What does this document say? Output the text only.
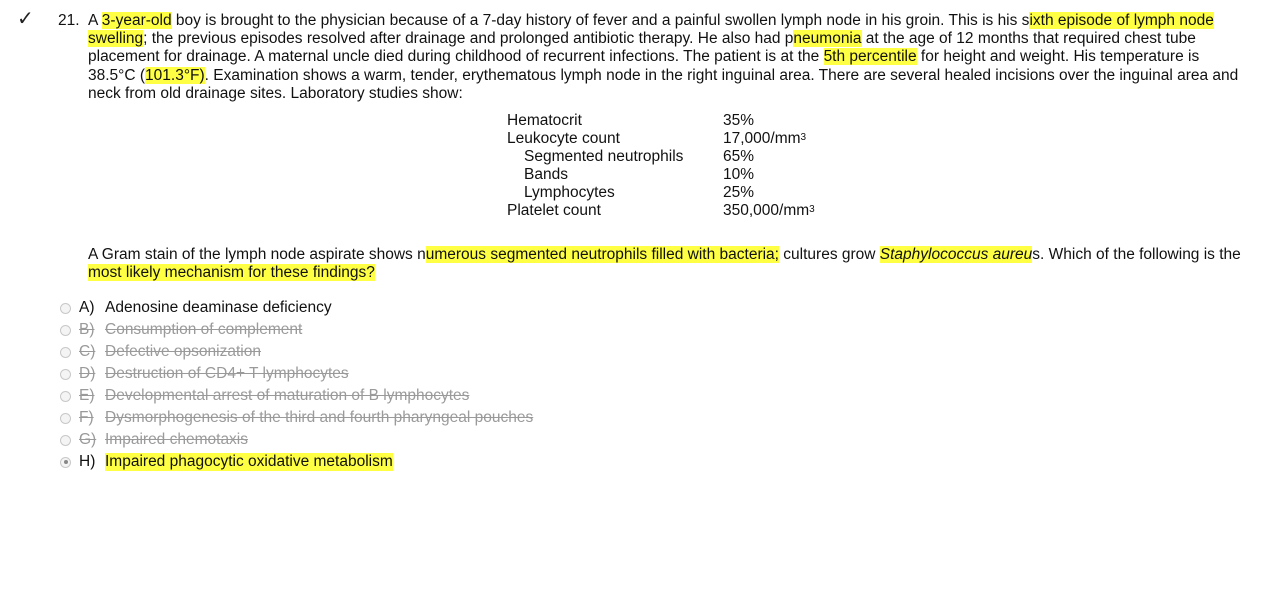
✓ 21. A 3-year-old boy is brought to the physician because of a 7-day history of fever and a painful swollen lymph node in his groin. This is his sixth episode of lymph node swelling; the previous episodes resolved after drainage and prolonged antibiotic therapy. He also had pneumonia at the age of 12 months that required chest tube placement for drainage. A maternal uncle died during childhood of recurrent infections. The patient is at the 5th percentile for height and weight. His temperature is 38.5°C (101.3°F). Examination shows a warm, tender, erythematous lymph node in the right inguinal area. There are several healed incisions over the inguinal area and neck from old drainage sites. Laboratory studies show:
Hematocrit	35%
Leukocyte count	$17,000/mm^3$
Segmented neutrophils	65%
Bands	10%
Lymphocytes	25%
Platelet count	$350,000/mm^3$
A Gram stain of the lymph node aspirate shows numerous segmented neutrophils filled with bacteria; cultures grow Staphylococcus aureus. Which of the following is the most likely mechanism for these findings?
A) Adenosine deaminase deficiency
B) Consumption of complement
C) Defective opsonization
D) Destruction of CD4+ T lymphocytes
E) Developmental arrest of maturation of B lymphocytes
F) Dysmorphogenesis of the third and fourth pharyngeal pouches
G) Impaired chemotaxis
H) Impaired phagocytic oxidative metabolism
